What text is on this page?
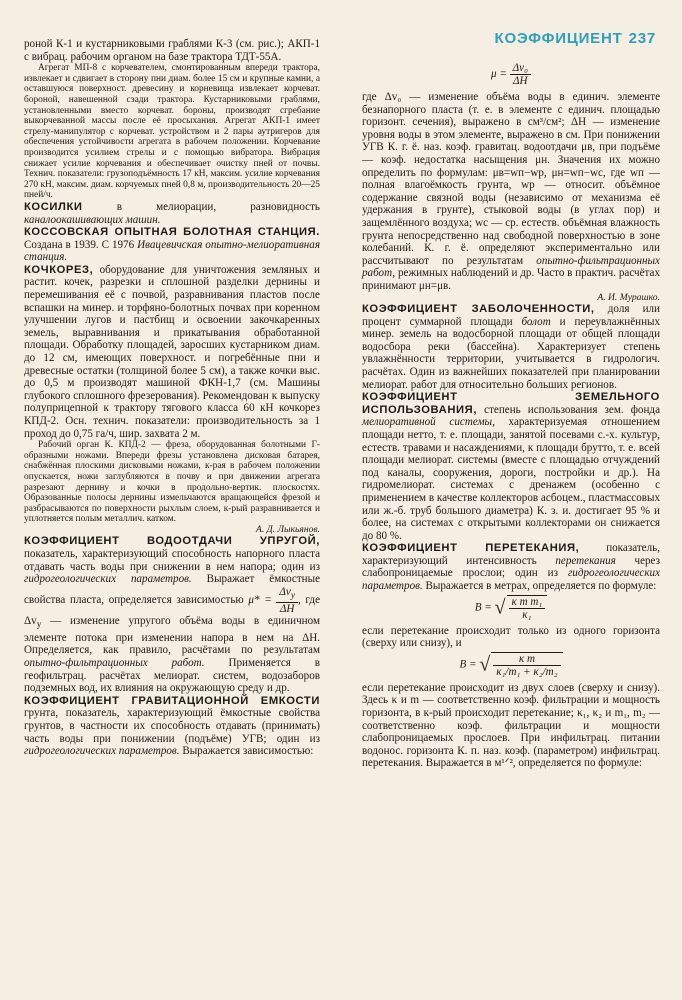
КОЭФФИЦИЕНТ 237

роной К-1 и кустарниковыми граблями К-3 (см. рис.); АКП-1 с вибрац. рабочим органом на базе трактора ТДТ-55А.

Агрегат МП-8 с корчевателем, смонтированным впереди трактора, извлекает и сдвигает в сторону пни диам. более 15 см и крупные камни, а оставшуюся поверхност. древесину и корневища извлекает корчеват. бороной, навешенной сзади трактора. Кустарниковыми граблями, установленными вместо корчеват. бороны, производят сгребание выкорчеванной массы после её просыхания. Агрегат АКП-1 имеет стрелу-манипулятор с корчеват. устройством и 2 пары аутригеров для обеспечения устойчивости агрегата в рабочем положении. Корчевание производится усилием стрелы и с помощью вибратора. Вибрация снижает усилие корчевания и обеспечивает очистку пней от почвы. Технич. показатели: грузоподъёмность 17 кН, максим. усилие корчевания 270 кН, максим. диам. корчуемых пней 0,8 м, производительность 20—25 пней/ч.

КОСИЛКИ	в мелиорации, разновидность каналоокашивающих машин.

КОССОВСКАЯ ОПЫТНАЯ БОЛОТНАЯ СТАНЦИЯ. Создана в 1939. С 1976 Ивацевичская опытно-мелиоративная станция.

КОЧКОРЕЗ, оборудование для уничтожения земляных и растит. кочек, разрезки и сплошной разделки дернины и перемешивания её с почвой, разравнивания пластов после вспашки на минер. и торфяно-болотных почвах при коренном улучшении лугов и пастбищ и освоении закочкаренных земель, выравнивания и прикатывания обработанной площади. Обработку площадей, заросших кустарником диам. до 12 см, имеющих поверхност. и погребённые пни и древесные остатки (толщиной более 5 см), а также кочки выс. до 0,5 м производят машиной ФКН-1,7 (см. Машины глубокого сплошного фрезерования). Рекомендован к выпуску полуприцепной к трактору тягового класса 60 кН кочкорез КПД-2. Осн. технич. показатели: производительность за 1 проход до 0,75 га/ч, шир. захвата 2 м.

Рабочий орган К. КПД-2 — фреза, оборудованная болотными Г-образными ножами. Впереди фрезы установлена дисковая батарея, снабжённая плоскими дисковыми ножами, к-рая в рабочем положении опускается, ножи заглубляются в почву и при движении агрегата разрезают дернину и кочки в продольно-вертик. плоскостях. Образованные полосы дернины измельчаются вращающейся фрезой и разбрасываются по поверхности рыхлым слоем, к-рый разравнивается и уплотняется полым металлич. катком.

А. Д. Лыкьянов.

КОЭФФИЦИЕНТ ВОДООТДАЧИ УПРУГОЙ, показатель, характеризующий способность напорного пласта отдавать часть воды при снижении в нем напора; один из гидрогеологических параметров. Выражает ёмкостные свойства пласта, определяется зависимостью $\mu* = \frac{\Delta v_y}{\Delta H}$ , где $\Delta v_y$ — изменение упругого объёма воды в единичном элементе потока при изменении напора в нем на ΔH. Определяется, как правило, расчётами по результатам опытно-фильтрационных работ. Применяется в геофильтрац. расчётах мелиорат. систем, водозаборов подземных вод, их влияния на окружающую среду и др.

КОЭФФИЦИЕНТ ГРАВИТАЦИОННОЙ ЕМКОСТИ грунта, показатель, характеризующий ёмкостные свойства грунтов, в частности их способность отдавать (принимать) часть воды при понижении (подъёме) УГВ; один из гидрогеологических параметров. Выражается зависимостью:

$\mu = \frac{\text{Δv₀}}{\Delta H}$

где Δv₀ — изменение объёма воды в единич. элементе безнапорного пласта (т. е. в элементе с единич. площадью горизонт. сечения), выражено в см³/см²; ΔH — изменение уровня воды в этом элементе, выражено в см. При понижении УГВ К. г. ё. наз. коэф. гравитац. водоотдачи μв, при подъёме — коэф. недостатка насыщения μн. Значения их можно определить по формулам: μв=wп−wр, μн=wп−wс, где wп — полная влагоёмкость грунта, wр — относит. объёмное содержание связной воды (независимо от механизма её удержания в грунте), стыковой воды (в углах пор) и защемлённого воздуха; wс — ср. естеств. объёмная влажность грунта непосредственно над свободной поверхностью в зоне колебаний. К. г. ё. определяют экспериментально или рассчитывают по результатам опытно-фильтрационных работ, режимных наблюдений и др. Часто в практич. расчётах принимают μн=μв.

А. И. Мурашко.

КОЭФФИЦИЕНТ ЗАБОЛОЧЕННОСТИ, доля или процент суммарной площади болот и переувлажнённых минер. земель на водосборной площади от общей площади водосбора реки (бассейна). Характеризует степень увлажнённости территории, учитывается в гидрологич. расчётах. Один из важнейших показателей при планировании мелиорат. работ для относительно больших регионов.

КОЭФФИЦИЕНТ ЗЕМЕЛЬНОГО ИСПОЛЬЗОВАНИЯ, степень использования зем. фонда мелиоративной системы, характеризуемая отношением площади нетто, т. е. площади, занятой посевами с.-х. культур, естеств. травами и насаждениями, к площади брутто, т. е. всей площади мелиорат. системы (вместе с площадью отчуждений под каналы, сооружения, дороги, постройки и др.). На гидромелиорат. системах с дренажем (особенно с применением в качестве коллекторов асбоцем., пластмассовых или ж.-б. труб большого диаметра) К. з. и. достигает 95 % и более, на системах с открытыми коллекторами он снижается до 80 %.

КОЭФФИЦИЕНТ ПЕРЕТЕКАНИЯ, показатель, характеризующий интенсивность перетекания через слабопроницаемые прослои; один из гидрогеологических параметров. Выражается в метрах, определяется по формуле:

B = √ $\frac{\text{κ m m₁}}{\text{κ₁}}$

если перетекание происходит только из одного горизонта (сверху или снизу), и

B = √ $\frac{\text{κ m}}{\text{κ₁/m₁ + κ₂/m₂}}$

если перетекание происходит из двух слоев (сверху и снизу). Здесь κ и m — соответственно коэф. фильтрации и мощность горизонта, в к-рый происходит перетекание; κ₁, κ₂ и m₁, m₂ — соответственно коэф. фильтрации и мощности слабопроницаемых прослоев. При инфильтрац. питании водонос. горизонта К. п. наз. коэф. (параметром) инфильтрац. перетекания. Выражается в м¹ᐟ², определяется по формуле:
